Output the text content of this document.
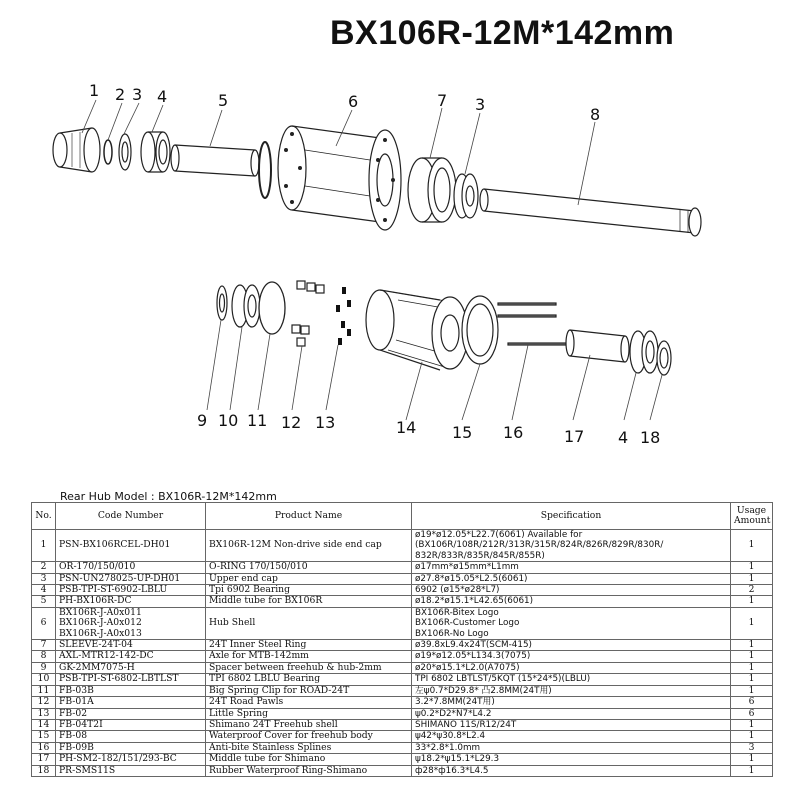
BX106R-12M*142mm
1 2 3 4	5	6	7 3
8
9 10 11 12 13	14 15 16	17 4 18
Rear Hub Model : BX106R-12M*142mm
No.	Code Number	Product Name	Specification	Usage Amount
1	PSN-BX106RCEL-DH01	BX106R-12M Non-drive side end cap	ø19*ø12.05*L22.7(6061) Available for
(BX106R/108R/212R/313R/315R/824R/826R/829R/830R/
832R/833R/835R/845R/855R)	1
2	OR-170/150/010	O-RING 170/150/010	ø17mm*ø15mm*L1mm	1
3	PSN-UN278025-UP-DH01	Upper end cap	ø27.8*ø15.05*L2.5(6061)	1
4	PSB-TPI-ST-6902-LBLU	Tpi 6902 Bearing	6902 (ø15*ø28*L7)	2
5	PH-BX106R-DC	Middle tube for BX106R	ø18.2*ø15.1*L42.65(6061)	1
6	BX106R-J-A0x011
BX106R-J-A0x012
BX106R-J-A0x013	Hub Shell	BX106R-Bitex Logo
BX106R-Customer Logo
BX106R-No Logo	1
7	SLEEVE-24T-04	24T Inner Steel Ring	ø39.8xL9.4x24T(SCM-415)	1
8	AXL-MTR12-142-DC	Axle for MTB-142mm	ø19*ø12.05*L134.3(7075)	1
9	GK-2MM7075-H	Spacer between freehub & hub-2mm	ø20*ø15.1*L2.0(A7075)	1
10	PSB-TPI-ST-6802-LBTLST	TPI 6802 LBLU Bearing	TPI 6802 LBTLST/5KQT (15*24*5)(LBLU)	1
11	FB-03B	Big Spring Clip for ROAD-24T	左ψ0.7*D29.8* 凸2.8MM(24T用)	1
12	FB-01A	24T Road Pawls	3.2*7.8MM(24T用)	6
13	FB-02	Little Spring	ψ0.2*D2*N7*L4.2	6
14	FB-04T2I	Shimano 24T Freehub shell	SHIMANO 11S/R12/24T	1
15	FB-08	Waterproof Cover for freehub body	ψ42*ψ30.8*L2.4	1
16	FB-09B	Anti-bite Stainless Splines	33*2.8*1.0mm	3
17	PH-SM2-182/151/293-BC	Middle tube for Shimano	ψ18.2*ψ15.1*L29.3	1
18	PR-SMS11S	Rubber Waterproof Ring-Shimano	ф28*ф16.3*L4.5	1
